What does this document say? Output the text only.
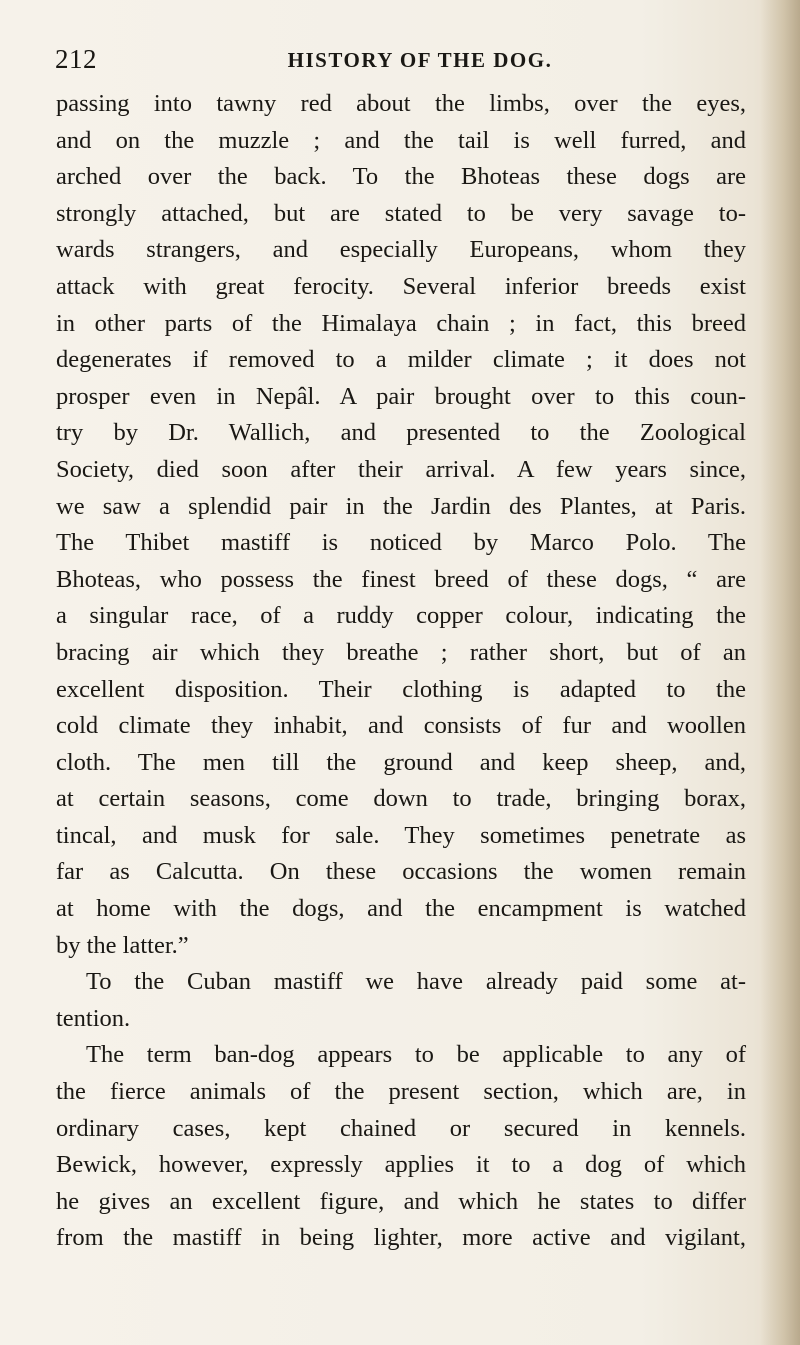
212	HISTORY OF THE DOG.
passing into tawny red about the limbs, over the eyes,
and on the muzzle ; and the tail is well furred, and
arched over the back. To the Bhoteas these dogs are
strongly attached, but are stated to be very savage to-
wards strangers, and especially Europeans, whom they
attack with great ferocity. Several inferior breeds exist
in other parts of the Himalaya chain ; in fact, this breed
degenerates if removed to a milder climate ; it does not
prosper even in Nepâl. A pair brought over to this coun-
try by Dr. Wallich, and presented to the Zoological
Society, died soon after their arrival. A few years since,
we saw a splendid pair in the Jardin des Plantes, at Paris.
The Thibet mastiff is noticed by Marco Polo. The
Bhoteas, who possess the finest breed of these dogs, “ are
a singular race, of a ruddy copper colour, indicating the
bracing air which they breathe ; rather short, but of an
excellent disposition. Their clothing is adapted to the
cold climate they inhabit, and consists of fur and woollen
cloth. The men till the ground and keep sheep, and,
at certain seasons, come down to trade, bringing borax,
tincal, and musk for sale. They sometimes penetrate as
far as Calcutta. On these occasions the women remain
at home with the dogs, and the encampment is watched
by the latter.”
To the Cuban mastiff we have already paid some at-
tention.
The term ban-dog appears to be applicable to any of
the fierce animals of the present section, which are, in
ordinary cases, kept chained or secured in kennels.
Bewick, however, expressly applies it to a dog of which
he gives an excellent figure, and which he states to differ
from the mastiff in being lighter, more active and vigilant,
